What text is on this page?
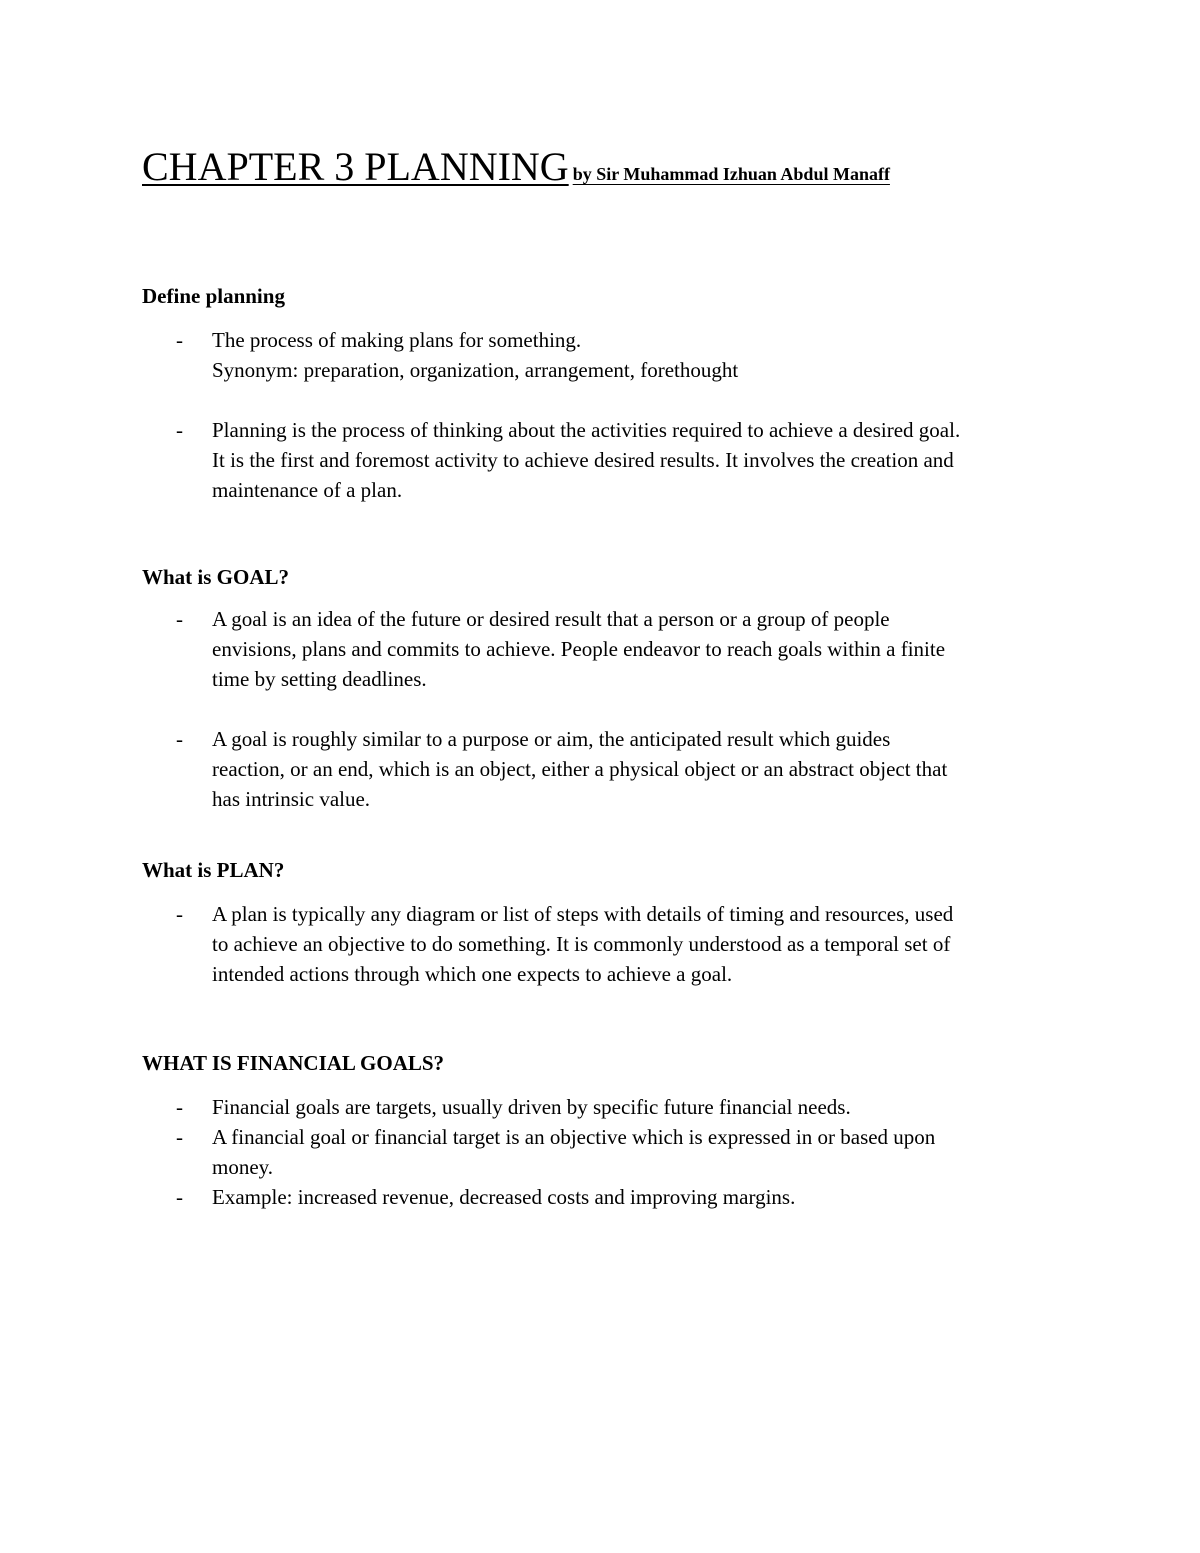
CHAPTER 3 PLANNING by Sir Muhammad Izhuan Abdul Manaff

Define planning

- The process of making plans for something.
Synonym: preparation, organization, arrangement, forethought
- Planning is the process of thinking about the activities required to achieve a desired goal.
It is the first and foremost activity to achieve desired results. It involves the creation and
maintenance of a plan.

What is GOAL?

- A goal is an idea of the future or desired result that a person or a group of people
envisions, plans and commits to achieve. People endeavor to reach goals within a finite
time by setting deadlines.
- A goal is roughly similar to a purpose or aim, the anticipated result which guides
reaction, or an end, which is an object, either a physical object or an abstract object that
has intrinsic value.

What is PLAN?

- A plan is typically any diagram or list of steps with details of timing and resources, used
to achieve an objective to do something. It is commonly understood as a temporal set of
intended actions through which one expects to achieve a goal.

WHAT IS FINANCIAL GOALS?

- Financial goals are targets, usually driven by specific future financial needs.
- A financial goal or financial target is an objective which is expressed in or based upon
money.
- Example: increased revenue, decreased costs and improving margins.
